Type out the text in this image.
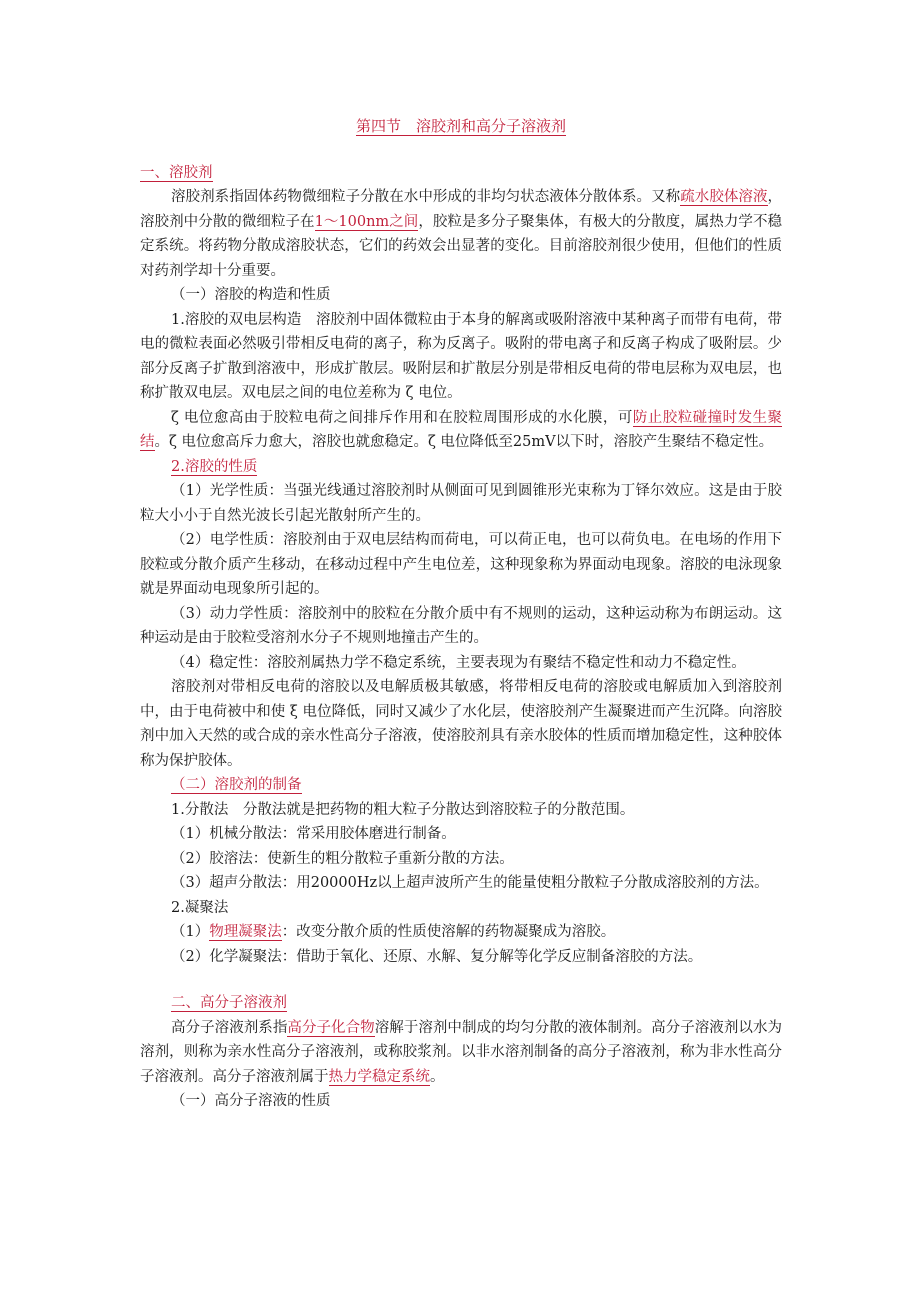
第四节　溶胶剂和高分子溶液剂
一、溶胶剂

溶胶剂系指固体药物微细粒子分散在水中形成的非均匀状态液体分散体系。又称疏水胶体溶液，溶胶剂中分散的微细粒子在1～100nm之间，胶粒是多分子聚集体，有极大的分散度，属热力学不稳定系统。将药物分散成溶胶状态，它们的药效会出显著的变化。目前溶胶剂很少使用，但他们的性质对药剂学却十分重要。

（一）溶胶的构造和性质

1.溶胶的双电层构造　溶胶剂中固体微粒由于本身的解离或吸附溶液中某种离子而带有电荷，带电的微粒表面必然吸引带相反电荷的离子，称为反离子。吸附的带电离子和反离子构成了吸附层。少部分反离子扩散到溶液中，形成扩散层。吸附层和扩散层分别是带相反电荷的带电层称为双电层，也称扩散双电层。双电层之间的电位差称为 ζ 电位。

ζ 电位愈高由于胶粒电荷之间排斥作用和在胶粒周围形成的水化膜，可防止胶粒碰撞时发生聚结。ζ 电位愈高斥力愈大，溶胶也就愈稳定。ζ 电位降低至25mV以下时，溶胶产生聚结不稳定性。

2.溶胶的性质

（1）光学性质：当强光线通过溶胶剂时从侧面可见到圆锥形光束称为丁铎尔效应。这是由于胶粒大小小于自然光波长引起光散射所产生的。

（2）电学性质：溶胶剂由于双电层结构而荷电，可以荷正电，也可以荷负电。在电场的作用下胶粒或分散介质产生移动，在移动过程中产生电位差，这种现象称为界面动电现象。溶胶的电泳现象就是界面动电现象所引起的。

（3）动力学性质：溶胶剂中的胶粒在分散介质中有不规则的运动，这种运动称为布朗运动。这种运动是由于胶粒受溶剂水分子不规则地撞击产生的。

（4）稳定性：溶胶剂属热力学不稳定系统，主要表现为有聚结不稳定性和动力不稳定性。

溶胶剂对带相反电荷的溶胶以及电解质极其敏感，将带相反电荷的溶胶或电解质加入到溶胶剂中，由于电荷被中和使 ξ 电位降低，同时又减少了水化层，使溶胶剂产生凝聚进而产生沉降。向溶胶剂中加入天然的或合成的亲水性高分子溶液，使溶胶剂具有亲水胶体的性质而增加稳定性，这种胶体称为保护胶体。

（二）溶胶剂的制备

1.分散法　分散法就是把药物的粗大粒子分散达到溶胶粒子的分散范围。

（1）机械分散法：常采用胶体磨进行制备。

（2）胶溶法：使新生的粗分散粒子重新分散的方法。

（3）超声分散法：用20000Hz以上超声波所产生的能量使粗分散粒子分散成溶胶剂的方法。

2.凝聚法

（1）物理凝聚法：改变分散介质的性质使溶解的药物凝聚成为溶胶。

（2）化学凝聚法：借助于氧化、还原、水解、复分解等化学反应制备溶胶的方法。

二、高分子溶液剂

高分子溶液剂系指高分子化合物溶解于溶剂中制成的均匀分散的液体制剂。高分子溶液剂以水为溶剂，则称为亲水性高分子溶液剂，或称胶浆剂。以非水溶剂制备的高分子溶液剂，称为非水性高分子溶液剂。高分子溶液剂属于热力学稳定系统。

（一）高分子溶液的性质
